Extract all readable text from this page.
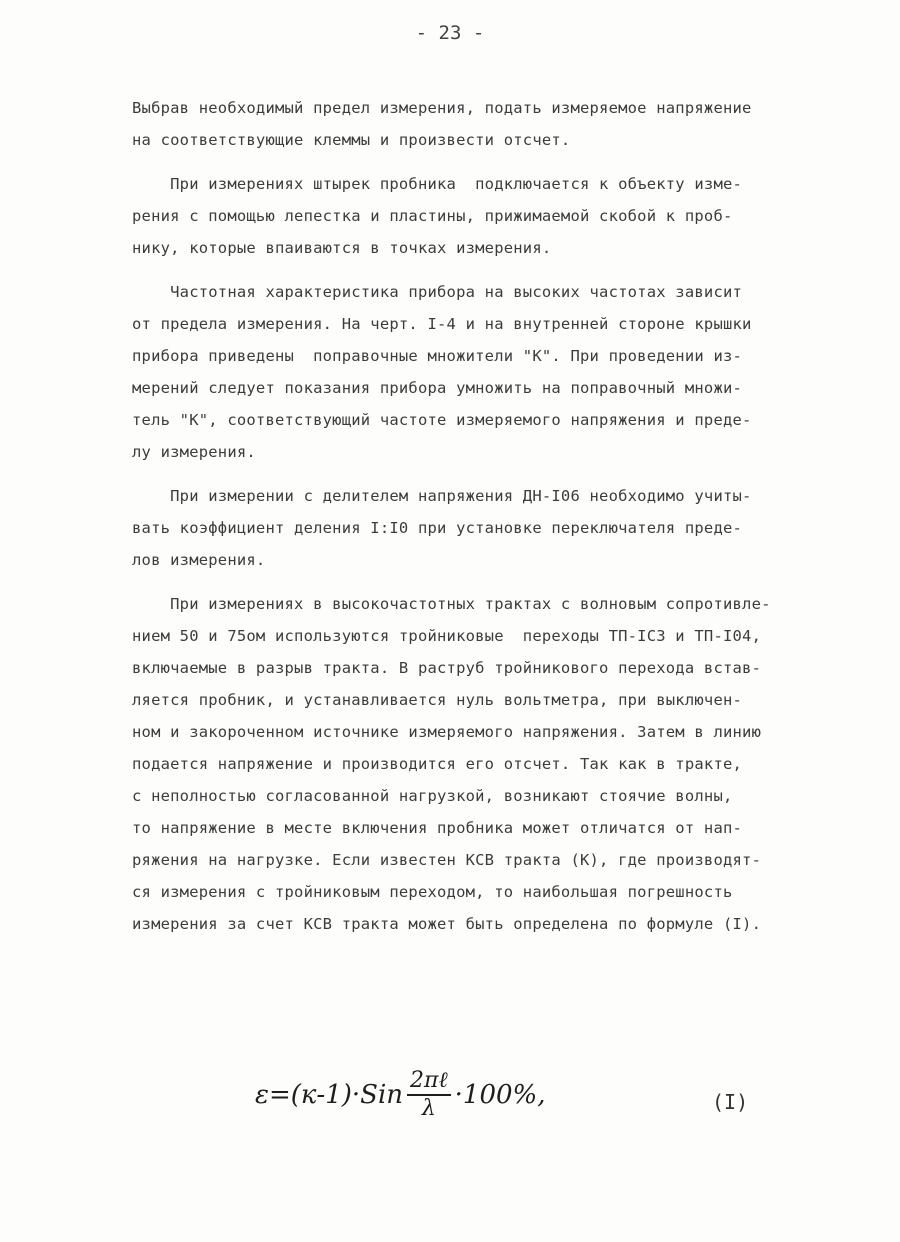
- 23 -
Выбрав необходимый предел измерения, подать измеряемое напряжение
на соответствующие клеммы и произвести отсчет.
При измерениях штырек пробника  подключается к объекту изме-
рения с помощью лепестка и пластины, прижимаемой скобой к проб-
нику, которые впаиваются в точках измерения.
Частотная характеристика прибора на высоких частотах зависит
от предела измерения. На черт. I-4 и на внутренней стороне крышки
прибора приведены  поправочные множители "К". При проведении из-
мерений следует показания прибора умножить на поправочный множи-
тель "К", соответствующий частоте измеряемого напряжения и преде-
лу измерения.
При измерении с делителем напряжения ДН-I06 необходимо учиты-
вать коэффициент деления I:I0 при установке переключателя преде-
лов измерения.
При измерениях в высокочастотных трактах с волновым сопротивле-
нием 50 и 75ом используются тройниковые  переходы ТП-IC3 и ТП-I04,
включаемые в разрыв тракта. В раструб тройникового перехода встав-
ляется пробник, и устанавливается нуль вольтметра, при выключен-
ном и закороченном источнике измеряемого напряжения. Затем в линию
подается напряжение и производится его отсчет. Так как в тракте,
с неполностью согласованной нагрузкой, возникают стоячие волны,
то напряжение в месте включения пробника может отличатся от нап-
ряжения на нагрузке. Если известен КСВ тракта (К), где производят-
ся измерения с тройниковым переходом, то наибольшая погрешность
измерения за счет КСВ тракта может быть определена по формуле (I).
$\varepsilon=(к-1)\cdot Sin \frac{\text{2πℓ}}{\lambda} \cdot 100\%$,	(I)
